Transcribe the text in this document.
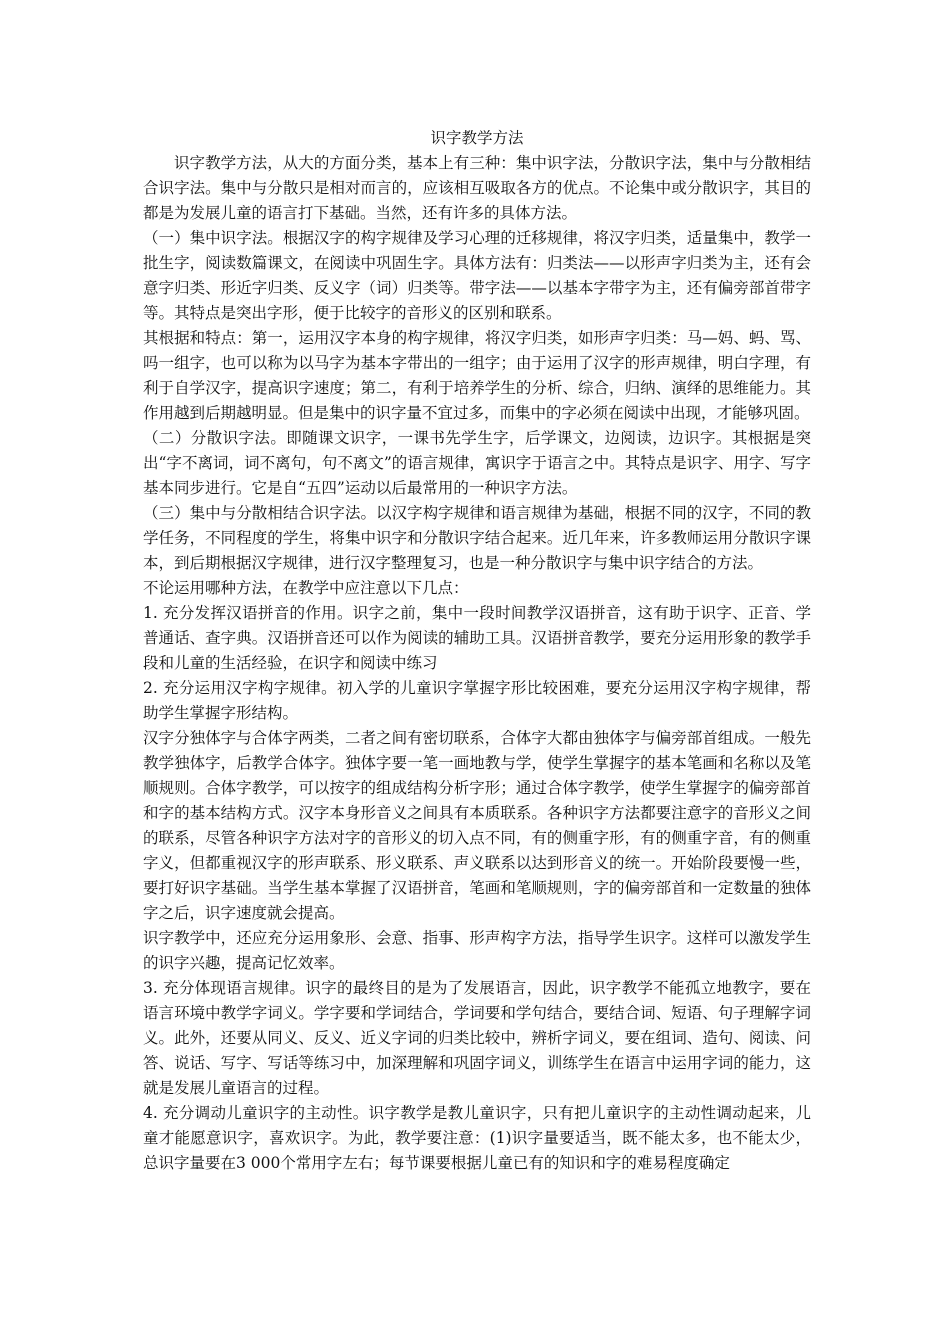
识字教学方法

识字教学方法，从大的方面分类，基本上有三种：集中识字法，分散识字法，集中与分散相结合识字法。集中与分散只是相对而言的，应该相互吸取各方的优点。不论集中或分散识字，其目的都是为发展儿童的语言打下基础。当然，还有许多的具体方法。

（一）集中识字法。根据汉字的构字规律及学习心理的迁移规律，将汉字归类，适量集中，教学一批生字，阅读数篇课文，在阅读中巩固生字。具体方法有：归类法——以形声字归类为主，还有会意字归类、形近字归类、反义字（词）归类等。带字法——以基本字带字为主，还有偏旁部首带字等。其特点是突出字形，便于比较字的音形义的区别和联系。

其根据和特点：第一，运用汉字本身的构字规律，将汉字归类，如形声字归类：马—妈、蚂、骂、吗一组字，也可以称为以马字为基本字带出的一组字；由于运用了汉字的形声规律，明白字理，有利于自学汉字，提高识字速度；第二，有利于培养学生的分析、综合，归纳、演绎的思维能力。其作用越到后期越明显。但是集中的识字量不宜过多，而集中的字必须在阅读中出现，才能够巩固。

（二）分散识字法。即随课文识字，一课书先学生字，后学课文，边阅读，边识字。其根据是突出“字不离词，词不离句，句不离文”的语言规律，寓识字于语言之中。其特点是识字、用字、写字基本同步进行。它是自“五四”运动以后最常用的一种识字方法。

（三）集中与分散相结合识字法。以汉字构字规律和语言规律为基础，根据不同的汉字，不同的教学任务，不同程度的学生，将集中识字和分散识字结合起来。近几年来，许多教师运用分散识字课本，到后期根据汉字规律，进行汉字整理复习，也是一种分散识字与集中识字结合的方法。

不论运用哪种方法，在教学中应注意以下几点：

1. 充分发挥汉语拼音的作用。识字之前，集中一段时间教学汉语拼音，这有助于识字、正音、学普通话、查字典。汉语拼音还可以作为阅读的辅助工具。汉语拼音教学，要充分运用形象的教学手段和儿童的生活经验，在识字和阅读中练习

2. 充分运用汉字构字规律。初入学的儿童识字掌握字形比较困难，要充分运用汉字构字规律，帮助学生掌握字形结构。

汉字分独体字与合体字两类，二者之间有密切联系，合体字大都由独体字与偏旁部首组成。一般先教学独体字，后教学合体字。独体字要一笔一画地教与学，使学生掌握字的基本笔画和名称以及笔顺规则。合体字教学，可以按字的组成结构分析字形；通过合体字教学，使学生掌握字的偏旁部首和字的基本结构方式。汉字本身形音义之间具有本质联系。各种识字方法都要注意字的音形义之间的联系，尽管各种识字方法对字的音形义的切入点不同，有的侧重字形，有的侧重字音，有的侧重字义，但都重视汉字的形声联系、形义联系、声义联系以达到形音义的统一。开始阶段要慢一些，要打好识字基础。当学生基本掌握了汉语拼音，笔画和笔顺规则，字的偏旁部首和一定数量的独体字之后，识字速度就会提高。

识字教学中，还应充分运用象形、会意、指事、形声构字方法，指导学生识字。这样可以激发学生的识字兴趣，提高记忆效率。

3. 充分体现语言规律。识字的最终目的是为了发展语言，因此，识字教学不能孤立地教字，要在语言环境中教学字词义。学字要和学词结合，学词要和学句结合，要结合词、短语、句子理解字词义。此外，还要从同义、反义、近义字词的归类比较中，辨析字词义，要在组词、造句、阅读、问答、说话、写字、写话等练习中，加深理解和巩固字词义，训练学生在语言中运用字词的能力，这就是发展儿童语言的过程。

4. 充分调动儿童识字的主动性。识字教学是教儿童识字，只有把儿童识字的主动性调动起来，儿童才能愿意识字，喜欢识字。为此，教学要注意：(1)识字量要适当，既不能太多，也不能太少，总识字量要在3 000个常用字左右；每节课要根据儿童已有的知识和字的难易程度确定
